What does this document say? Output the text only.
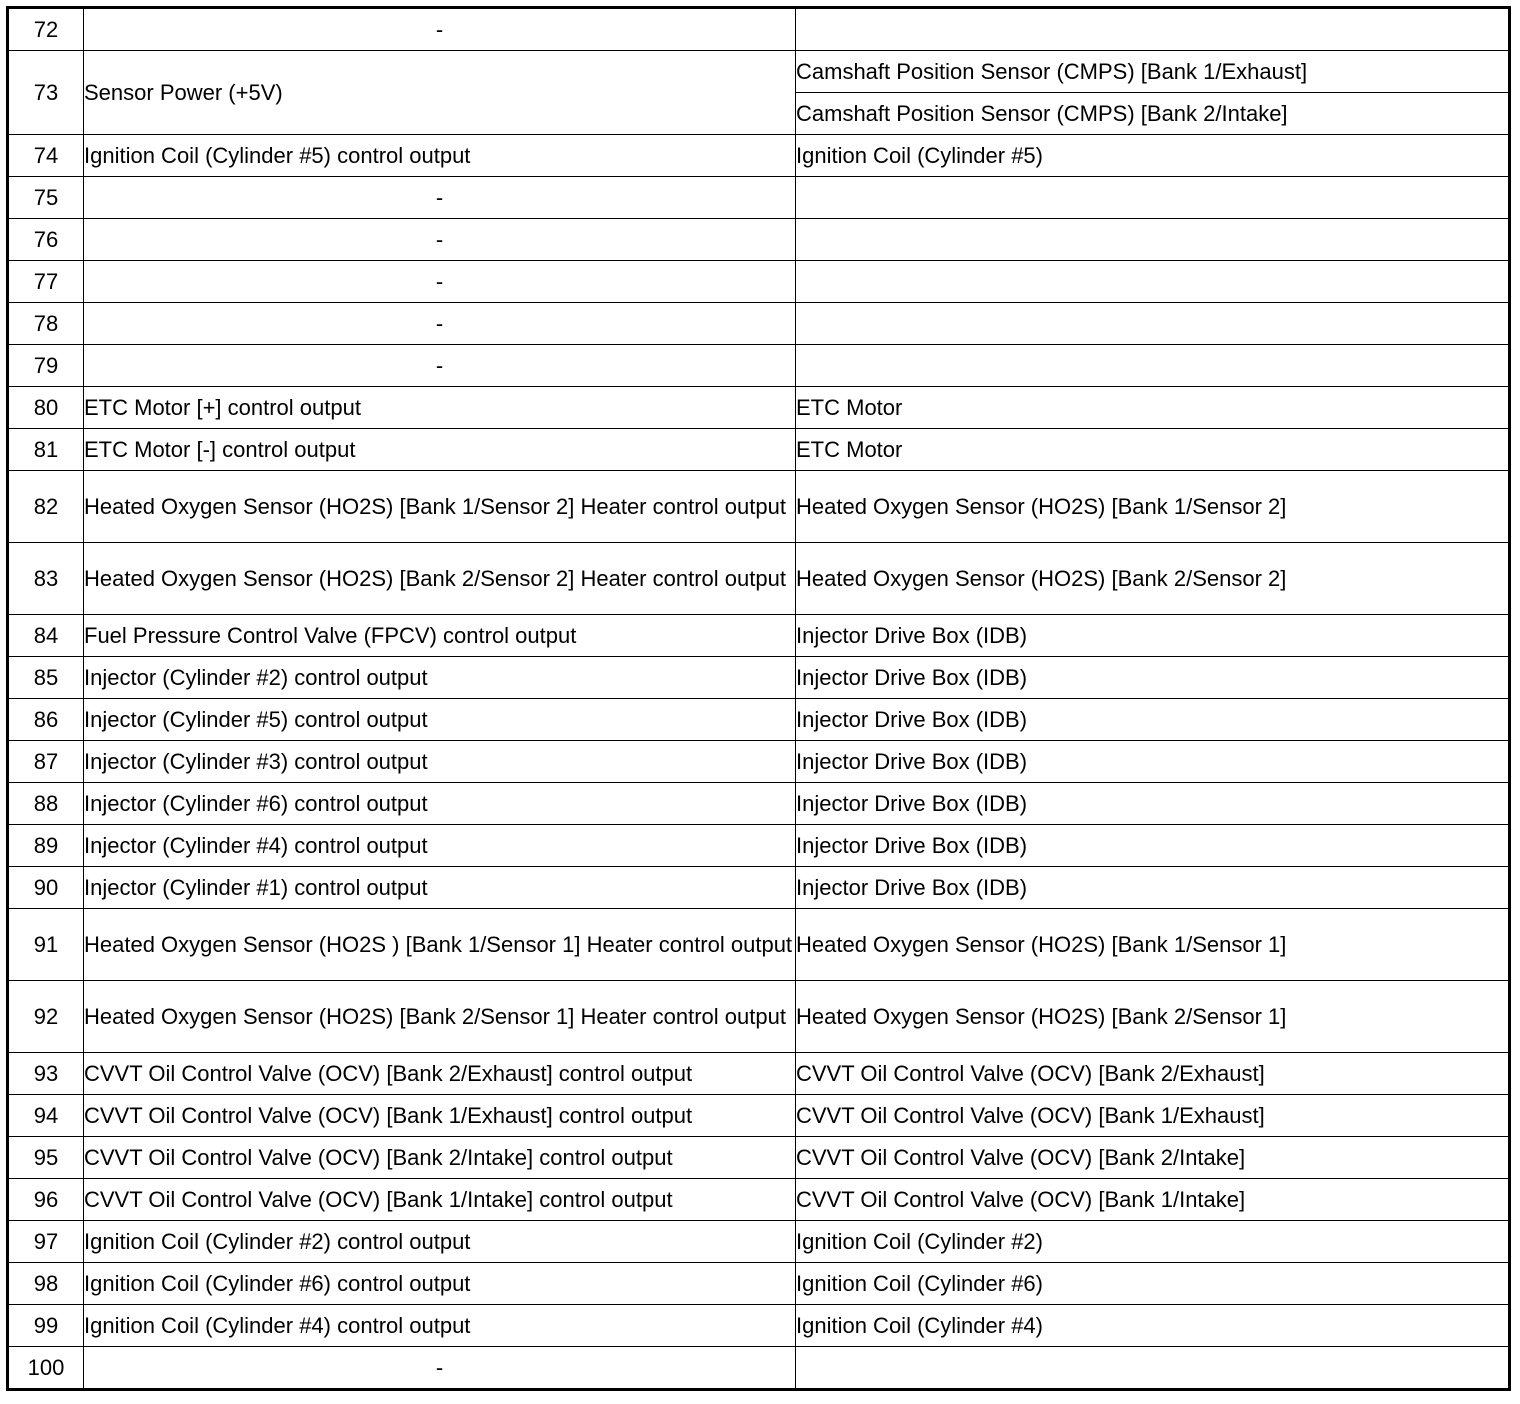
72	-	
73	Sensor Power (+5V)	Camshaft Position Sensor (CMPS) [Bank 1/Exhaust]
		Camshaft Position Sensor (CMPS) [Bank 2/Intake]
74	Ignition Coil (Cylinder #5) control output	Ignition Coil (Cylinder #5)
75	-	
76	-	
77	-	
78	-	
79	-	
80	ETC Motor [+] control output	ETC Motor
81	ETC Motor [-] control output	ETC Motor
82	Heated Oxygen Sensor (HO2S) [Bank 1/Sensor 2] Heater control output	Heated Oxygen Sensor (HO2S) [Bank 1/Sensor 2]
83	Heated Oxygen Sensor (HO2S) [Bank 2/Sensor 2] Heater control output	Heated Oxygen Sensor (HO2S) [Bank 2/Sensor 2]
84	Fuel Pressure Control Valve (FPCV) control output	Injector Drive Box (IDB)
85	Injector (Cylinder #2) control output	Injector Drive Box (IDB)
86	Injector (Cylinder #5) control output	Injector Drive Box (IDB)
87	Injector (Cylinder #3) control output	Injector Drive Box (IDB)
88	Injector (Cylinder #6) control output	Injector Drive Box (IDB)
89	Injector (Cylinder #4) control output	Injector Drive Box (IDB)
90	Injector (Cylinder #1) control output	Injector Drive Box (IDB)
91	Heated Oxygen Sensor (HO2S ) [Bank 1/Sensor 1] Heater control output	Heated Oxygen Sensor (HO2S) [Bank 1/Sensor 1]
92	Heated Oxygen Sensor (HO2S) [Bank 2/Sensor 1] Heater control output	Heated Oxygen Sensor (HO2S) [Bank 2/Sensor 1]
93	CVVT Oil Control Valve (OCV) [Bank 2/Exhaust] control output	CVVT Oil Control Valve (OCV) [Bank 2/Exhaust]
94	CVVT Oil Control Valve (OCV) [Bank 1/Exhaust] control output	CVVT Oil Control Valve (OCV) [Bank 1/Exhaust]
95	CVVT Oil Control Valve (OCV) [Bank 2/Intake] control output	CVVT Oil Control Valve (OCV) [Bank 2/Intake]
96	CVVT Oil Control Valve (OCV) [Bank 1/Intake] control output	CVVT Oil Control Valve (OCV) [Bank 1/Intake]
97	Ignition Coil (Cylinder #2) control output	Ignition Coil (Cylinder #2)
98	Ignition Coil (Cylinder #6) control output	Ignition Coil (Cylinder #6)
99	Ignition Coil (Cylinder #4) control output	Ignition Coil (Cylinder #4)
100	-	
